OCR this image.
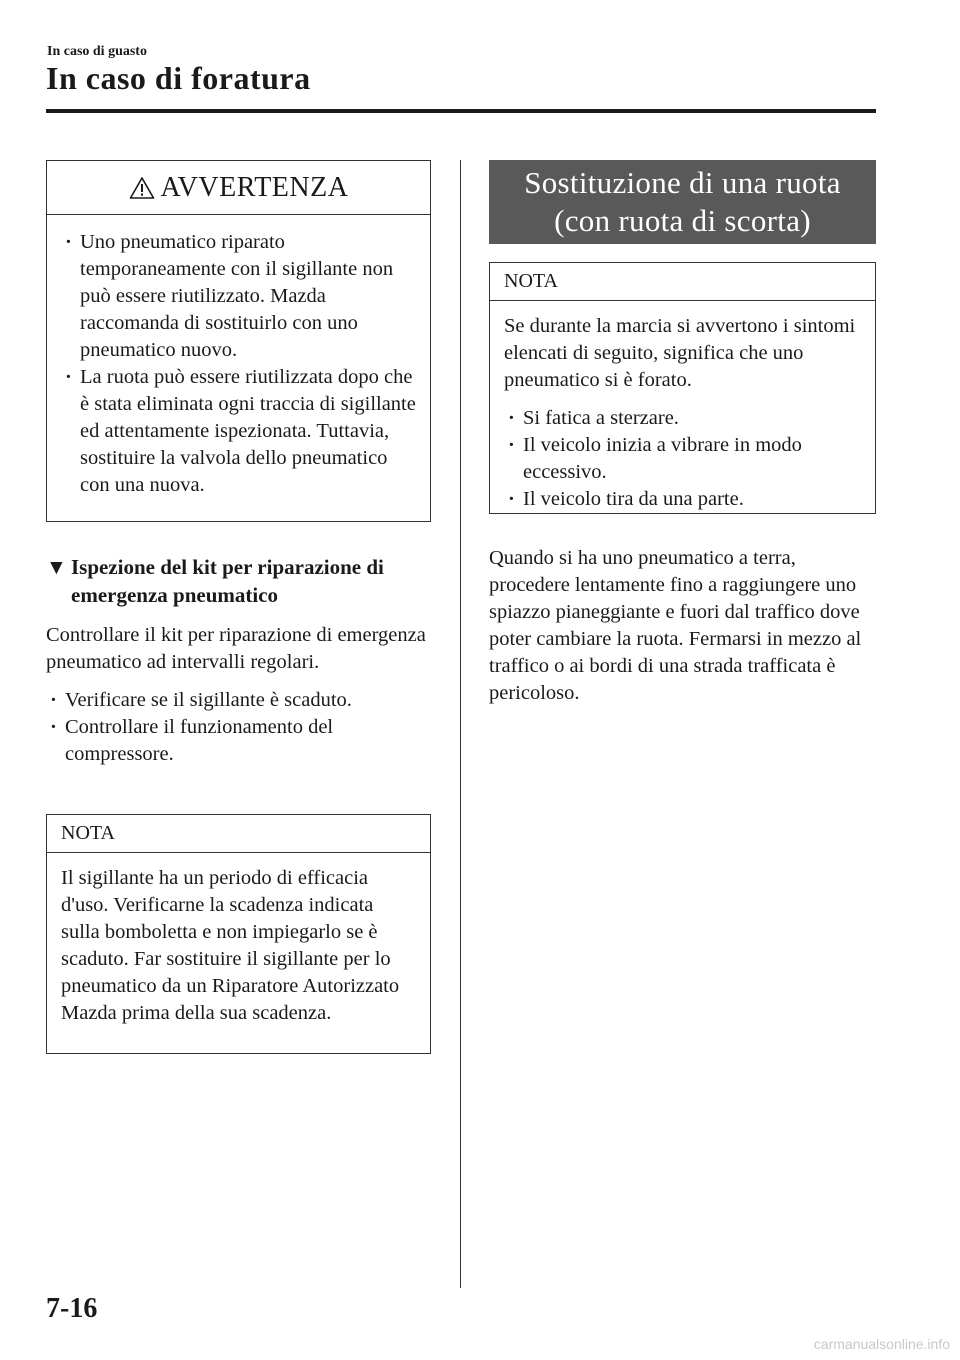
In caso di guasto
In caso di foratura
AVVERTENZA
· Uno pneumatico riparato temporaneamente con il sigillante non può essere riutilizzato. Mazda raccomanda di sostituirlo con uno pneumatico nuovo.
· La ruota può essere riutilizzata dopo che è stata eliminata ogni traccia di sigillante ed attentamente ispezionata. Tuttavia, sostituire la valvola dello pneumatico con una nuova.
▼ Ispezione del kit per riparazione di emergenza pneumatico

Controllare il kit per riparazione di emergenza pneumatico ad intervalli regolari.

· Verificare se il sigillante è scaduto.
· Controllare il funzionamento del compressore.
NOTA

Il sigillante ha un periodo di efficacia d'uso. Verificarne la scadenza indicata sulla bomboletta e non impiegarlo se è scaduto. Far sostituire il sigillante per lo pneumatico da un Riparatore Autorizzato Mazda prima della sua scadenza.

Sostituzione di una ruota
(con ruota di scorta)
NOTA

Se durante la marcia si avvertono i sintomi elencati di seguito, significa che uno pneumatico si è forato.

· Si fatica a sterzare.
· Il veicolo inizia a vibrare in modo eccessivo.
· Il veicolo tira da una parte.

Quando si ha uno pneumatico a terra, procedere lentamente fino a raggiungere uno spiazzo pianeggiante e fuori dal traffico dove poter cambiare la ruota. Fermarsi in mezzo al traffico o ai bordi di una strada trafficata è pericoloso.

7-16
carmanualsonline.info
